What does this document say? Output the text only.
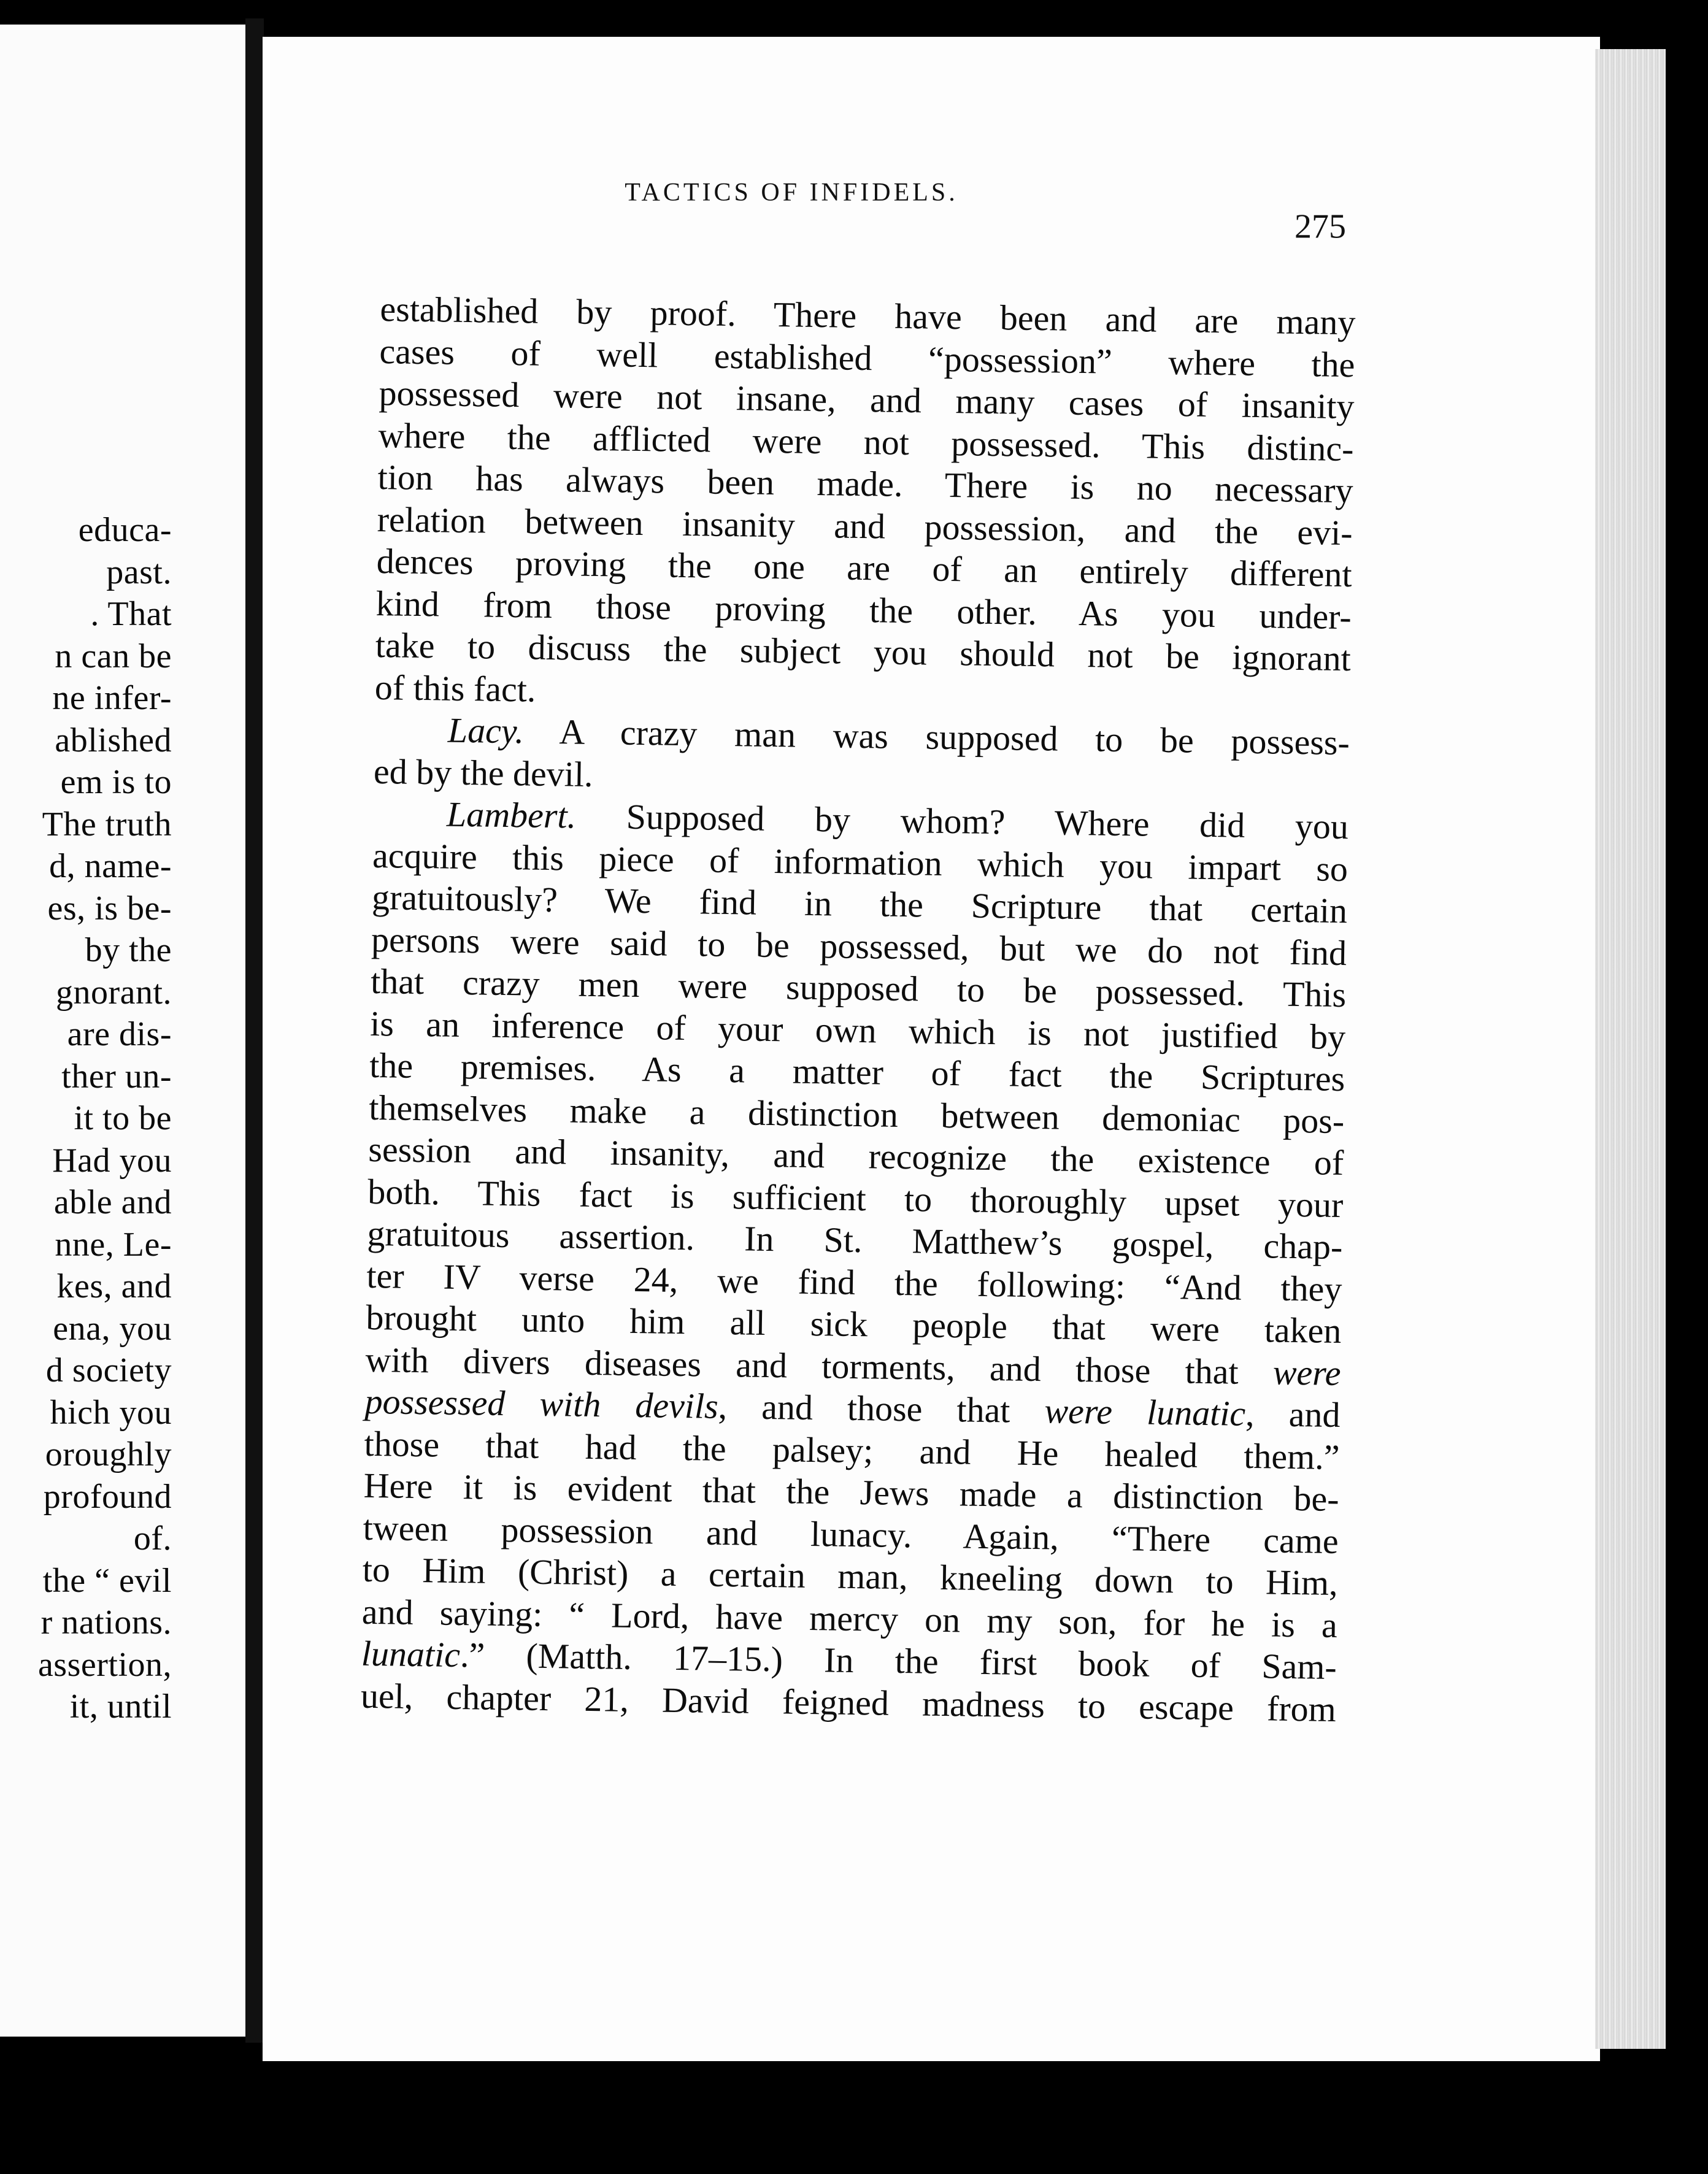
educa-
past.
. That
n can be
ne infer-
ablished
em is to
The truth
d, name-
es, is be-
by the
gnorant.
are dis-
ther un-
it to be
Had you
able and
nne, Le-
kes, and
ena, you
d society
hich you
oroughly
profound
of.
the “ evil
r nations.
assertion,
it, until
TACTICS OF INFIDELS.
275
established by proof. There have been and are many
cases of well established “possession” where the
possessed were not insane, and many cases of insanity
where the afflicted were not possessed. This distinc-
tion has always been made. There is no necessary
relation between insanity and possession, and the evi-
dences proving the one are of an entirely different
kind from those proving the other. As you under-
take to discuss the subject you should not be ignorant
of this fact.
Lacy. A crazy man was supposed to be possess-
ed by the devil.
Lambert. Supposed by whom? Where did you
acquire this piece of information which you impart so
gratuitously? We find in the Scripture that certain
persons were said to be possessed, but we do not find
that crazy men were supposed to be possessed. This
is an inference of your own which is not justified by
the premises. As a matter of fact the Scriptures
themselves make a distinction between demoniac pos-
session and insanity, and recognize the existence of
both. This fact is sufficient to thoroughly upset your
gratuitous assertion. In St. Matthew’s gospel, chap-
ter IV verse 24, we find the following: “And they
brought unto him all sick people that were taken
with divers diseases and torments, and those that were
possessed with devils, and those that were lunatic, and
those that had the palsey; and He healed them.”
Here it is evident that the Jews made a distinction be-
tween possession and lunacy. Again, “There came
to Him (Christ) a certain man, kneeling down to Him,
and saying: “ Lord, have mercy on my son, for he is a
lunatic.” (Matth. 17–15.) In the first book of Sam-
uel, chapter 21, David feigned madness to escape from
